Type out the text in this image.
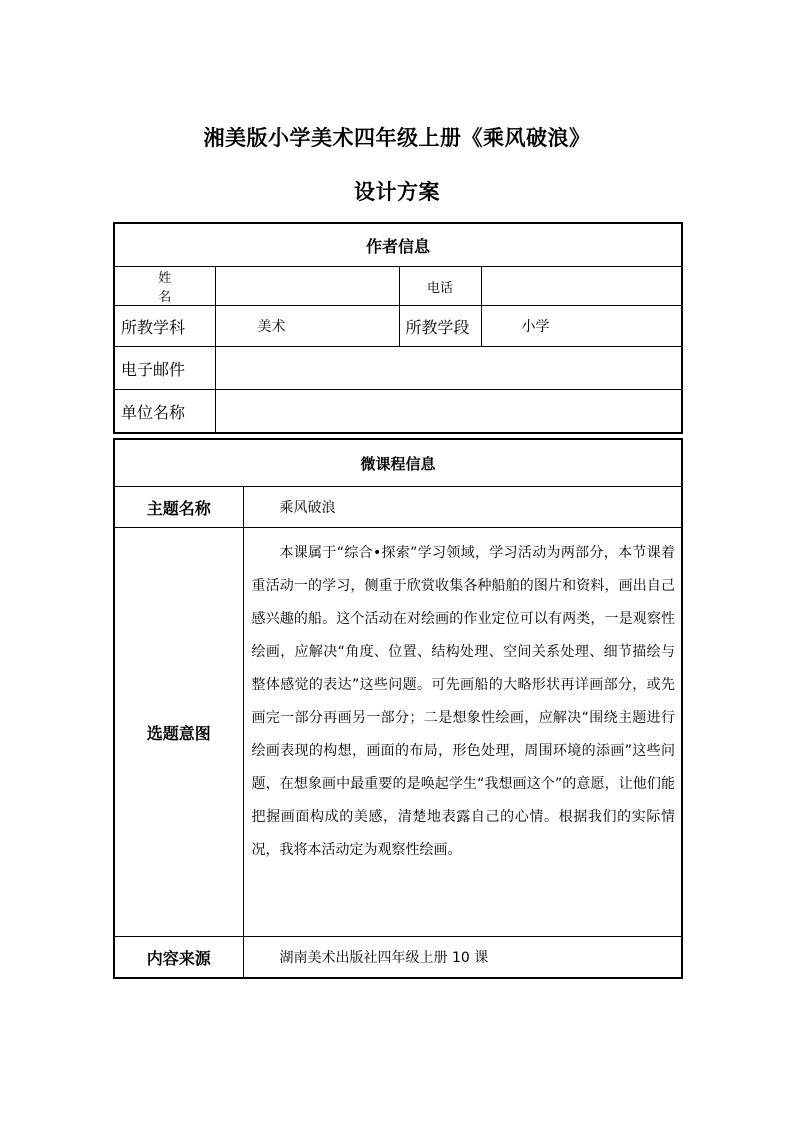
湘美版小学美术四年级上册《乘风破浪》
设计方案
作者信息			
姓名		电话	
所教学科	美术	所教学段	小学
电子邮件			
单位名称			
微课程信息	
主题名称	乘风破浪
选题意图	本课属于“综合•探索”学习领域，学习活动为两部分，本节课着重活动一的学习，侧重于欣赏收集各种船舶的图片和资料，画出自己感兴趣的船。这个活动在对绘画的作业定位可以有两类，一是观察性绘画，应解决“角度、位置、结构处理、空间关系处理、细节描绘与整体感觉的表达”这些问题。可先画船的大略形状再详画部分，或先画完一部分再画另一部分；二是想象性绘画，应解决“围绕主题进行绘画表现的构想，画面的布局，形色处理，周围环境的添画”这些问题，在想象画中最重要的是唤起学生“我想画这个”的意愿，让他们能把握画面构成的美感，清楚地表露自己的心情。根据我们的实际情况，我将本活动定为观察性绘画。
内容来源	湖南美术出版社四年级上册 10 课
